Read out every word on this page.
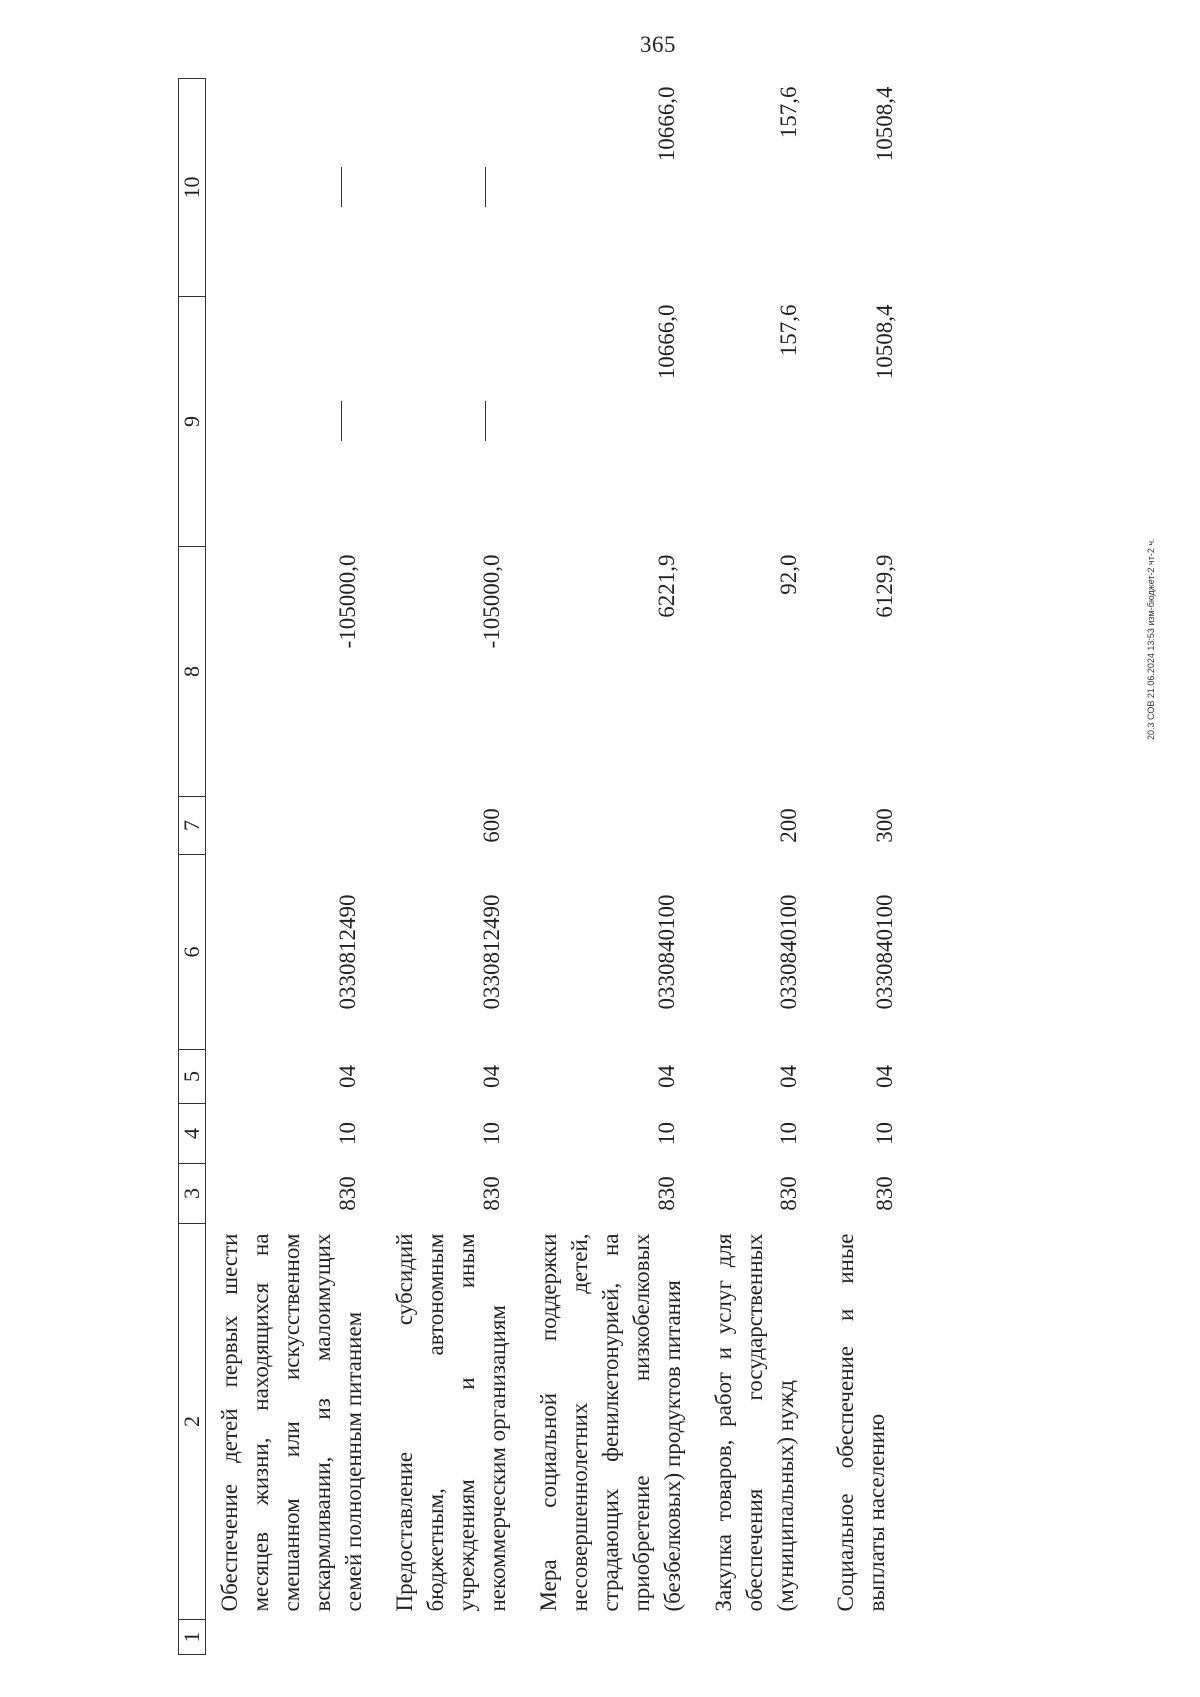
365
20.3 СОВ 21.06.2024 13:53 изм-бюджет-2 чт-2 ч.
1	2	3	4	5	6	7	8	9	10
	Обеспечение детей первых шести месяцев жизни, находящихся на смешанном или искусственном вскармливании, из малоимущих семей полноценным питанием	830	10	04	0330812490		-105000,0		

	Предоставление субсидий бюджетным, автономным учреждениям и иным некоммерческим организациям	830	10	04	0330812490	600	-105000,0		

	Мера социальной поддержки несовершеннолетних детей, страдающих фенилкетонурией, на приобретение низкобелковых (безбелковых) продуктов питания	830	10	04	0330840100		6221,9	10666,0	10666,0

	Закупка товаров, работ и услуг для обеспечения государственных (муниципальных) нужд	830	10	04	0330840100	200	92,0	157,6	157,6

	Социальное обеспечение и иные выплаты населению	830	10	04	0330840100	300	6129,9	10508,4	10508,4
